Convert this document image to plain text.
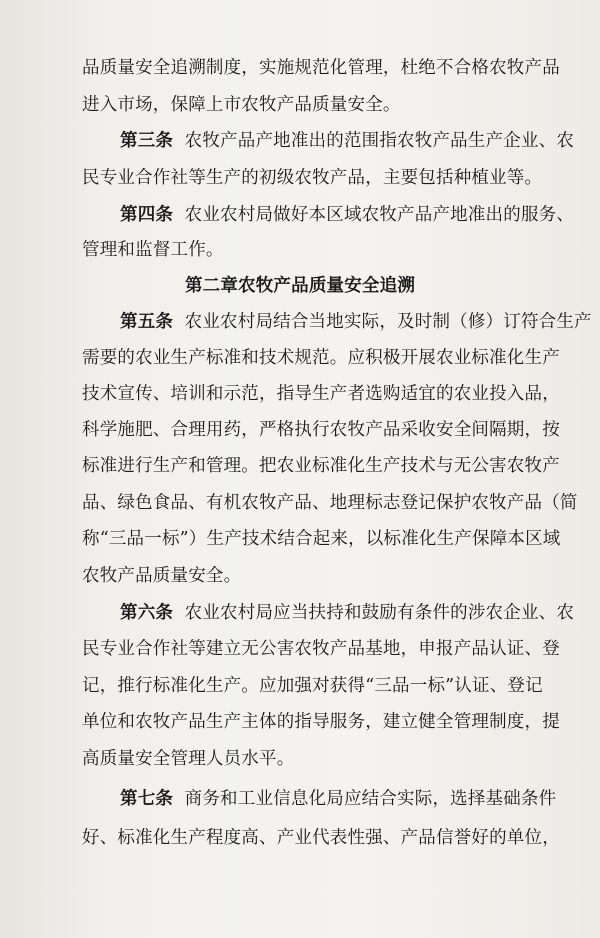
品质量安全追溯制度，实施规范化管理，杜绝不合格农牧产品
进入市场，保障上市农牧产品质量安全。
第三条 农牧产品产地准出的范围指农牧产品生产企业、农
民专业合作社等生产的初级农牧产品，主要包括种植业等。
第四条 农业农村局做好本区域农牧产品产地准出的服务、
管理和监督工作。
第二章农牧产品质量安全追溯
第五条 农业农村局结合当地实际，及时制（修）订符合生产
需要的农业生产标准和技术规范。应积极开展农业标准化生产
技术宣传、培训和示范，指导生产者选购适宜的农业投入品，
科学施肥、合理用药，严格执行农牧产品采收安全间隔期，按
标准进行生产和管理。把农业标准化生产技术与无公害农牧产
品、绿色食品、有机农牧产品、地理标志登记保护农牧产品（简
称“三品一标”）生产技术结合起来，以标准化生产保障本区域
农牧产品质量安全。
第六条 农业农村局应当扶持和鼓励有条件的涉农企业、农
民专业合作社等建立无公害农牧产品基地，申报产品认证、登
记，推行标准化生产。应加强对获得“三品一标”认证、登记
单位和农牧产品生产主体的指导服务，建立健全管理制度，提
高质量安全管理人员水平。
第七条 商务和工业信息化局应结合实际，选择基础条件
好、标准化生产程度高、产业代表性强、产品信誉好的单位，
